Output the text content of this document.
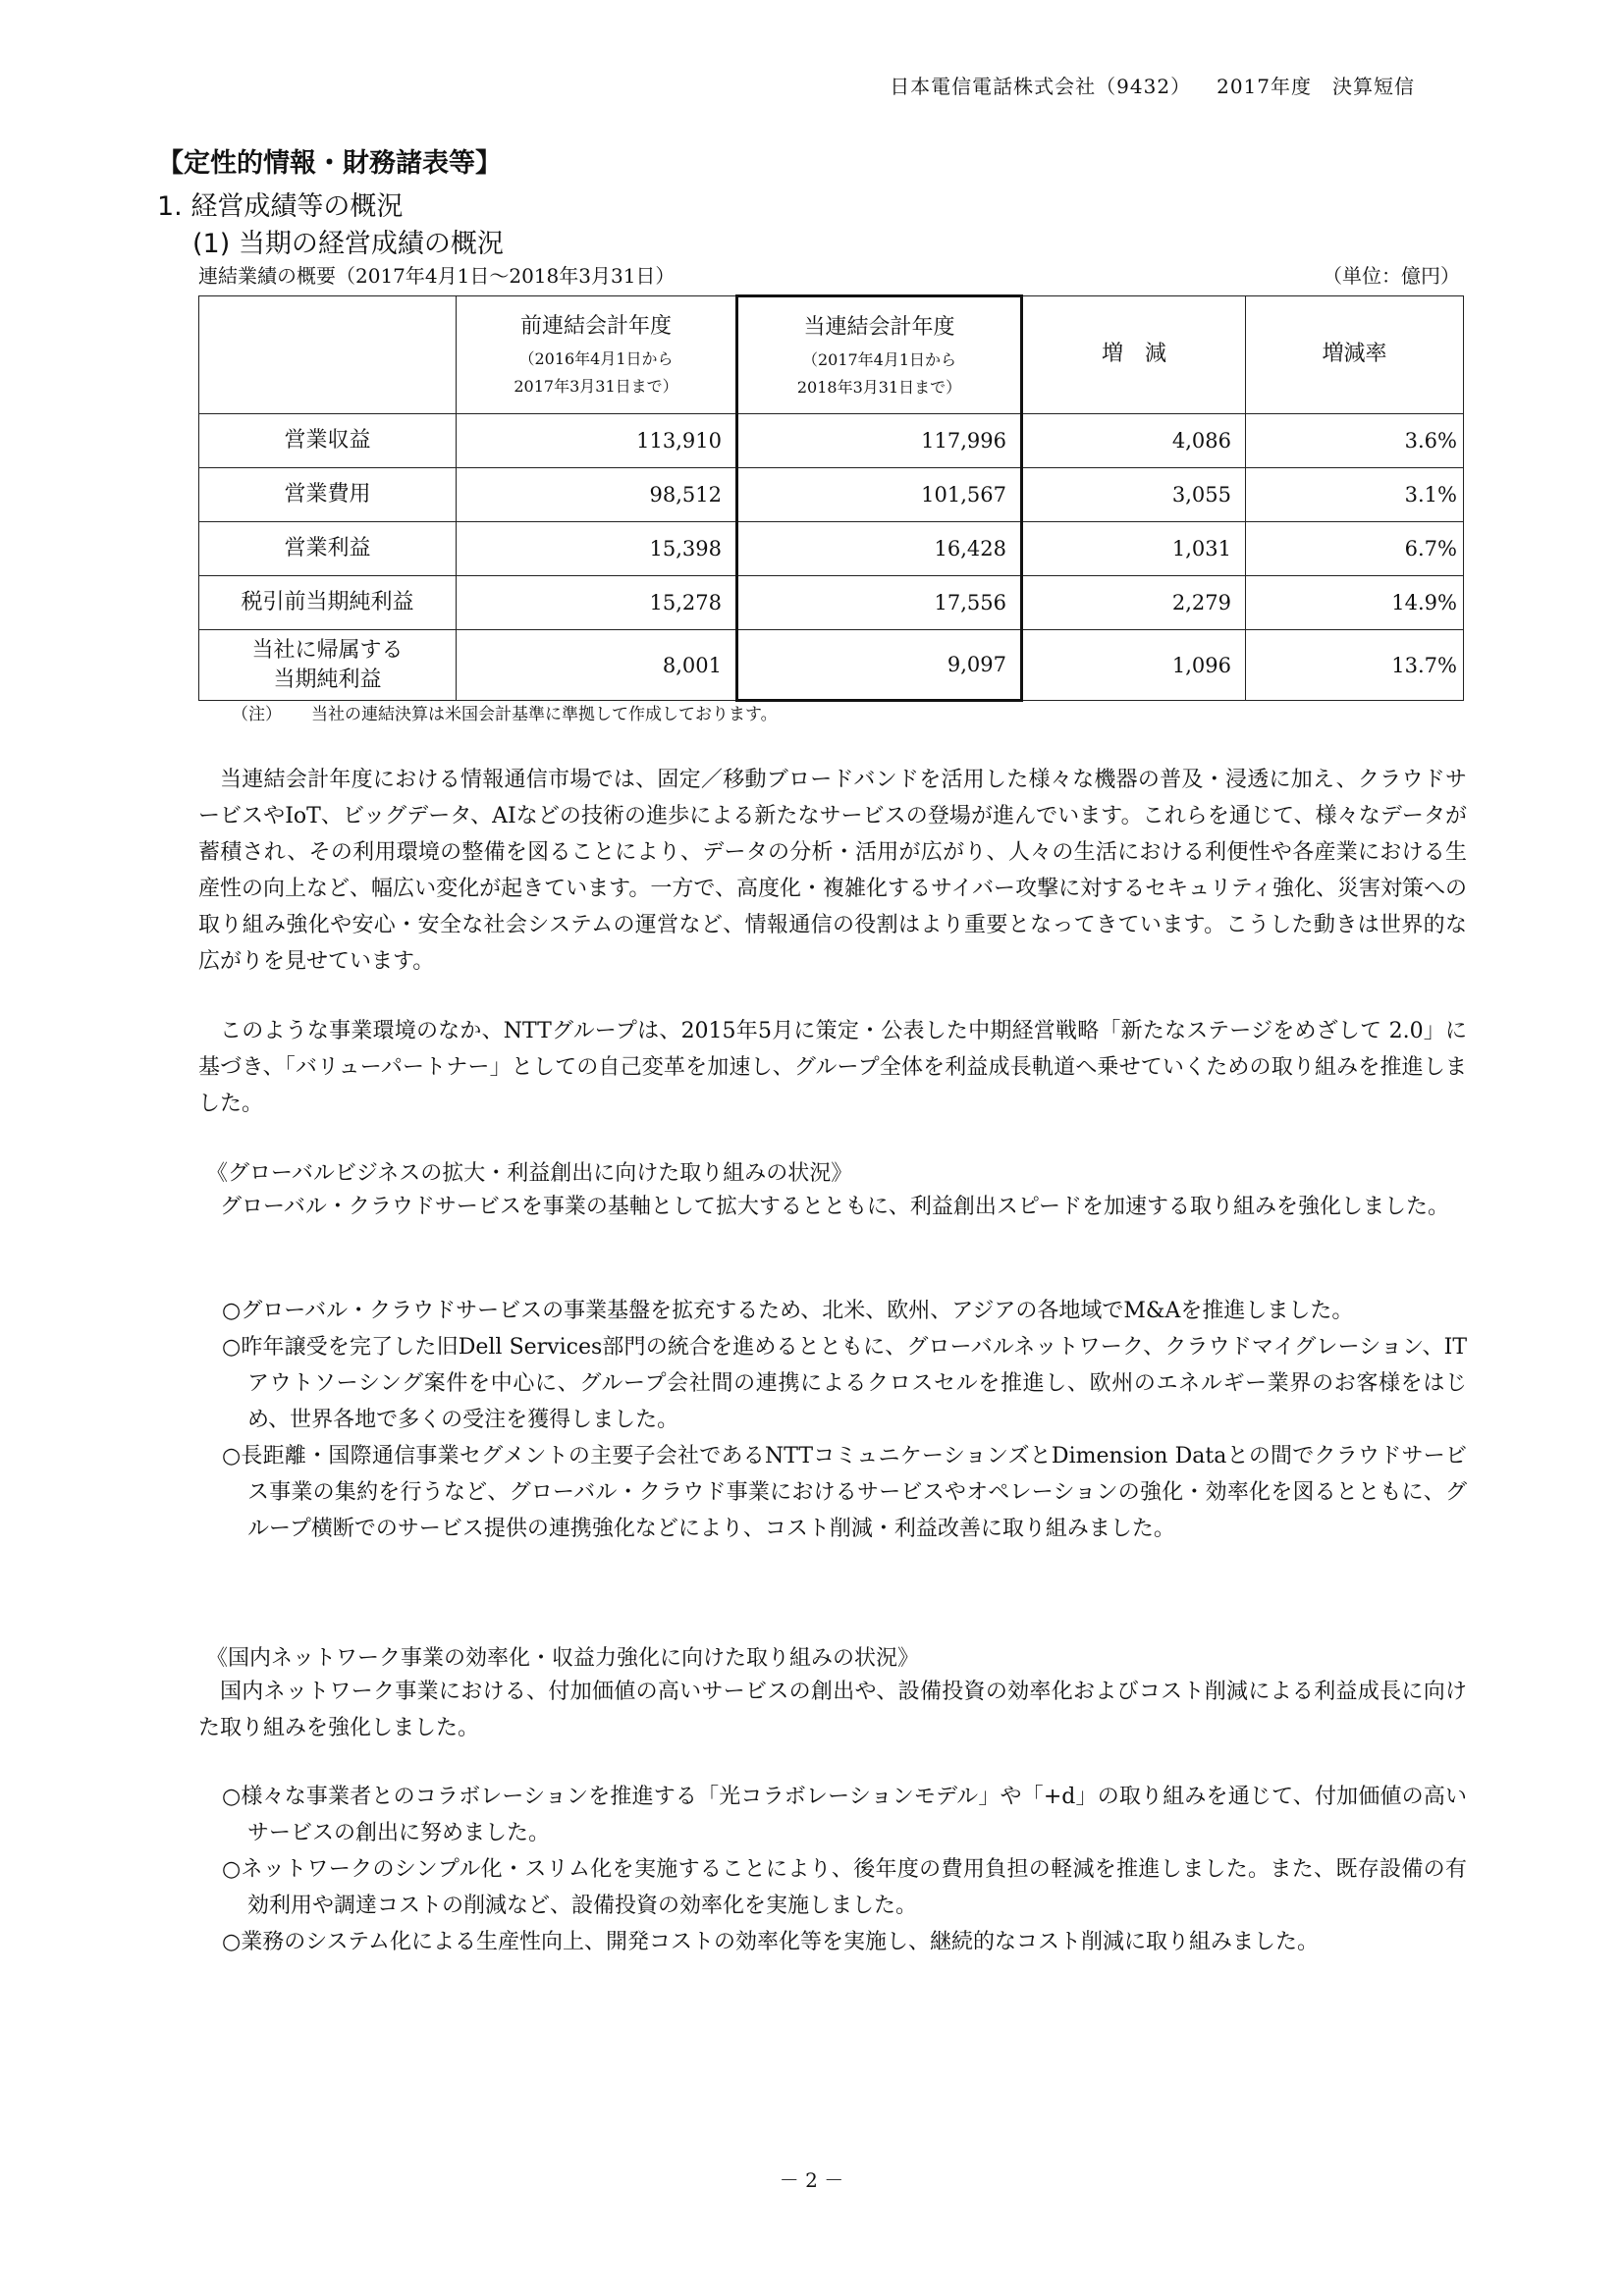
日本電信電話株式会社（9432） 2017年度　決算短信
【定性的情報・財務諸表等】
1. 経営成績等の概況
(1) 当期の経営成績の概況
連結業績の概要（2017年4月1日～2018年3月31日）	（単位：億円）

	前連結会計年度
（2016年4月1日から
2017年3月31日まで）	当連結会計年度
（2017年4月1日から
2018年3月31日まで）	増　減	増減率

営業収益	113,910	117,996	4,086	3.6%
営業費用	98,512	101,567	3,055	3.1%
営業利益	15,398	16,428	1,031	6.7%
税引前当期純利益	15,278	17,556	2,279	14.9%

当社に帰属する
当期純利益	8,001	9,097	1,096	13.7%
（注） 当社の連結決算は米国会計基準に準拠して作成しております。
当連結会計年度における情報通信市場では、固定／移動ブロードバンドを活用した様々な機器の普及・浸透に加え、クラウドサービスやIoT、ビッグデータ、AIなどの技術の進歩による新たなサービスの登場が進んでいます。これらを通じて、様々なデータが蓄積され、その利用環境の整備を図ることにより、データの分析・活用が広がり、人々の生活における利便性や各産業における生産性の向上など、幅広い変化が起きています。一方で、高度化・複雑化するサイバー攻撃に対するセキュリティ強化、災害対策への取り組み強化や安心・安全な社会システムの運営など、情報通信の役割はより重要となってきています。こうした動きは世界的な広がりを見せています。
このような事業環境のなか、NTTグループは、2015年5月に策定・公表した中期経営戦略「新たなステージをめざして 2.0」に基づき、「バリューパートナー」としての自己変革を加速し、グループ全体を利益成長軌道へ乗せていくための取り組みを推進しました。
《グローバルビジネスの拡大・利益創出に向けた取り組みの状況》
グローバル・クラウドサービスを事業の基軸として拡大するとともに、利益創出スピードを加速する取り組みを強化しました。
○グローバル・クラウドサービスの事業基盤を拡充するため、北米、欧州、アジアの各地域でM&Aを推進しました。
○昨年譲受を完了した旧Dell Services部門の統合を進めるとともに、グローバルネットワーク、クラウドマイグレーション、ITアウトソーシング案件を中心に、グループ会社間の連携によるクロスセルを推進し、欧州のエネルギー業界のお客様をはじめ、世界各地で多くの受注を獲得しました。
○長距離・国際通信事業セグメントの主要子会社であるNTTコミュニケーションズとDimension Dataとの間でクラウドサービス事業の集約を行うなど、グローバル・クラウド事業におけるサービスやオペレーションの強化・効率化を図るとともに、グループ横断でのサービス提供の連携強化などにより、コスト削減・利益改善に取り組みました。
《国内ネットワーク事業の効率化・収益力強化に向けた取り組みの状況》
国内ネットワーク事業における、付加価値の高いサービスの創出や、設備投資の効率化およびコスト削減による利益成長に向けた取り組みを強化しました。
○様々な事業者とのコラボレーションを推進する「光コラボレーションモデル」や「+d」の取り組みを通じて、付加価値の高いサービスの創出に努めました。
○ネットワークのシンプル化・スリム化を実施することにより、後年度の費用負担の軽減を推進しました。また、既存設備の有効利用や調達コストの削減など、設備投資の効率化を実施しました。
○業務のシステム化による生産性向上、開発コストの効率化等を実施し、継続的なコスト削減に取り組みました。
－ 2 －
